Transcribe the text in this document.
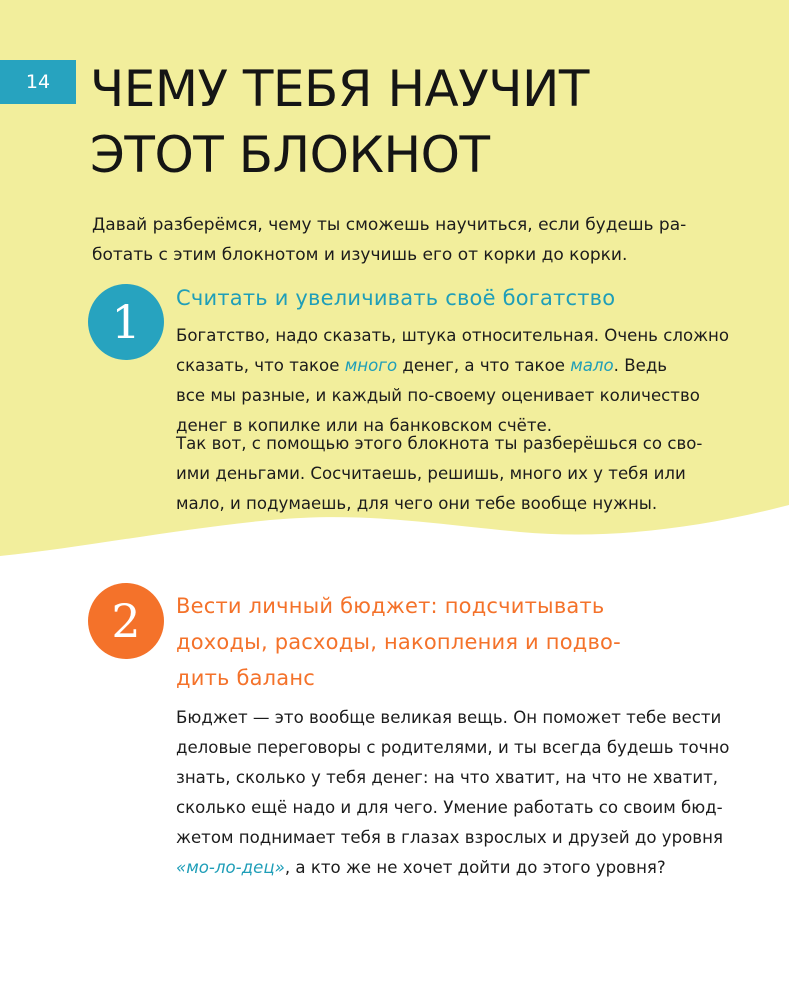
14 ЧЕМУ ТЕБЯ НАУЧИТ
ЭТОТ БЛОКНОТ
Давай разберёмся, чему ты сможешь научиться, если будешь ра-
ботать с этим блокнотом и изучишь его от корки до корки.
1	Считать и увеличивать своё богатство
Богатство, надо сказать, штука относительная. Очень сложно
сказать, что такое много денег, а что такое мало. Ведь
все мы разные, и каждый по-своему оценивает количество
денег в копилке или на банковском счёте.
Так вот, с помощью этого блокнота ты разберёшься со сво-
ими деньгами. Сосчитаешь, решишь, много их у тебя или
мало, и подумаешь, для чего они тебе вообще нужны.
2	Вести личный бюджет: подсчитывать
доходы, расходы, накопления и подво-
дить баланс
Бюджет — это вообще великая вещь. Он поможет тебе вести
деловые переговоры с родителями, и ты всегда будешь точно
знать, сколько у тебя денег: на что хватит, на что не хватит,
сколько ещё надо и для чего. Умение работать со своим бюд-
жетом поднимает тебя в глазах взрослых и друзей до уровня
«мо-ло-дец», а кто же не хочет дойти до этого уровня?
